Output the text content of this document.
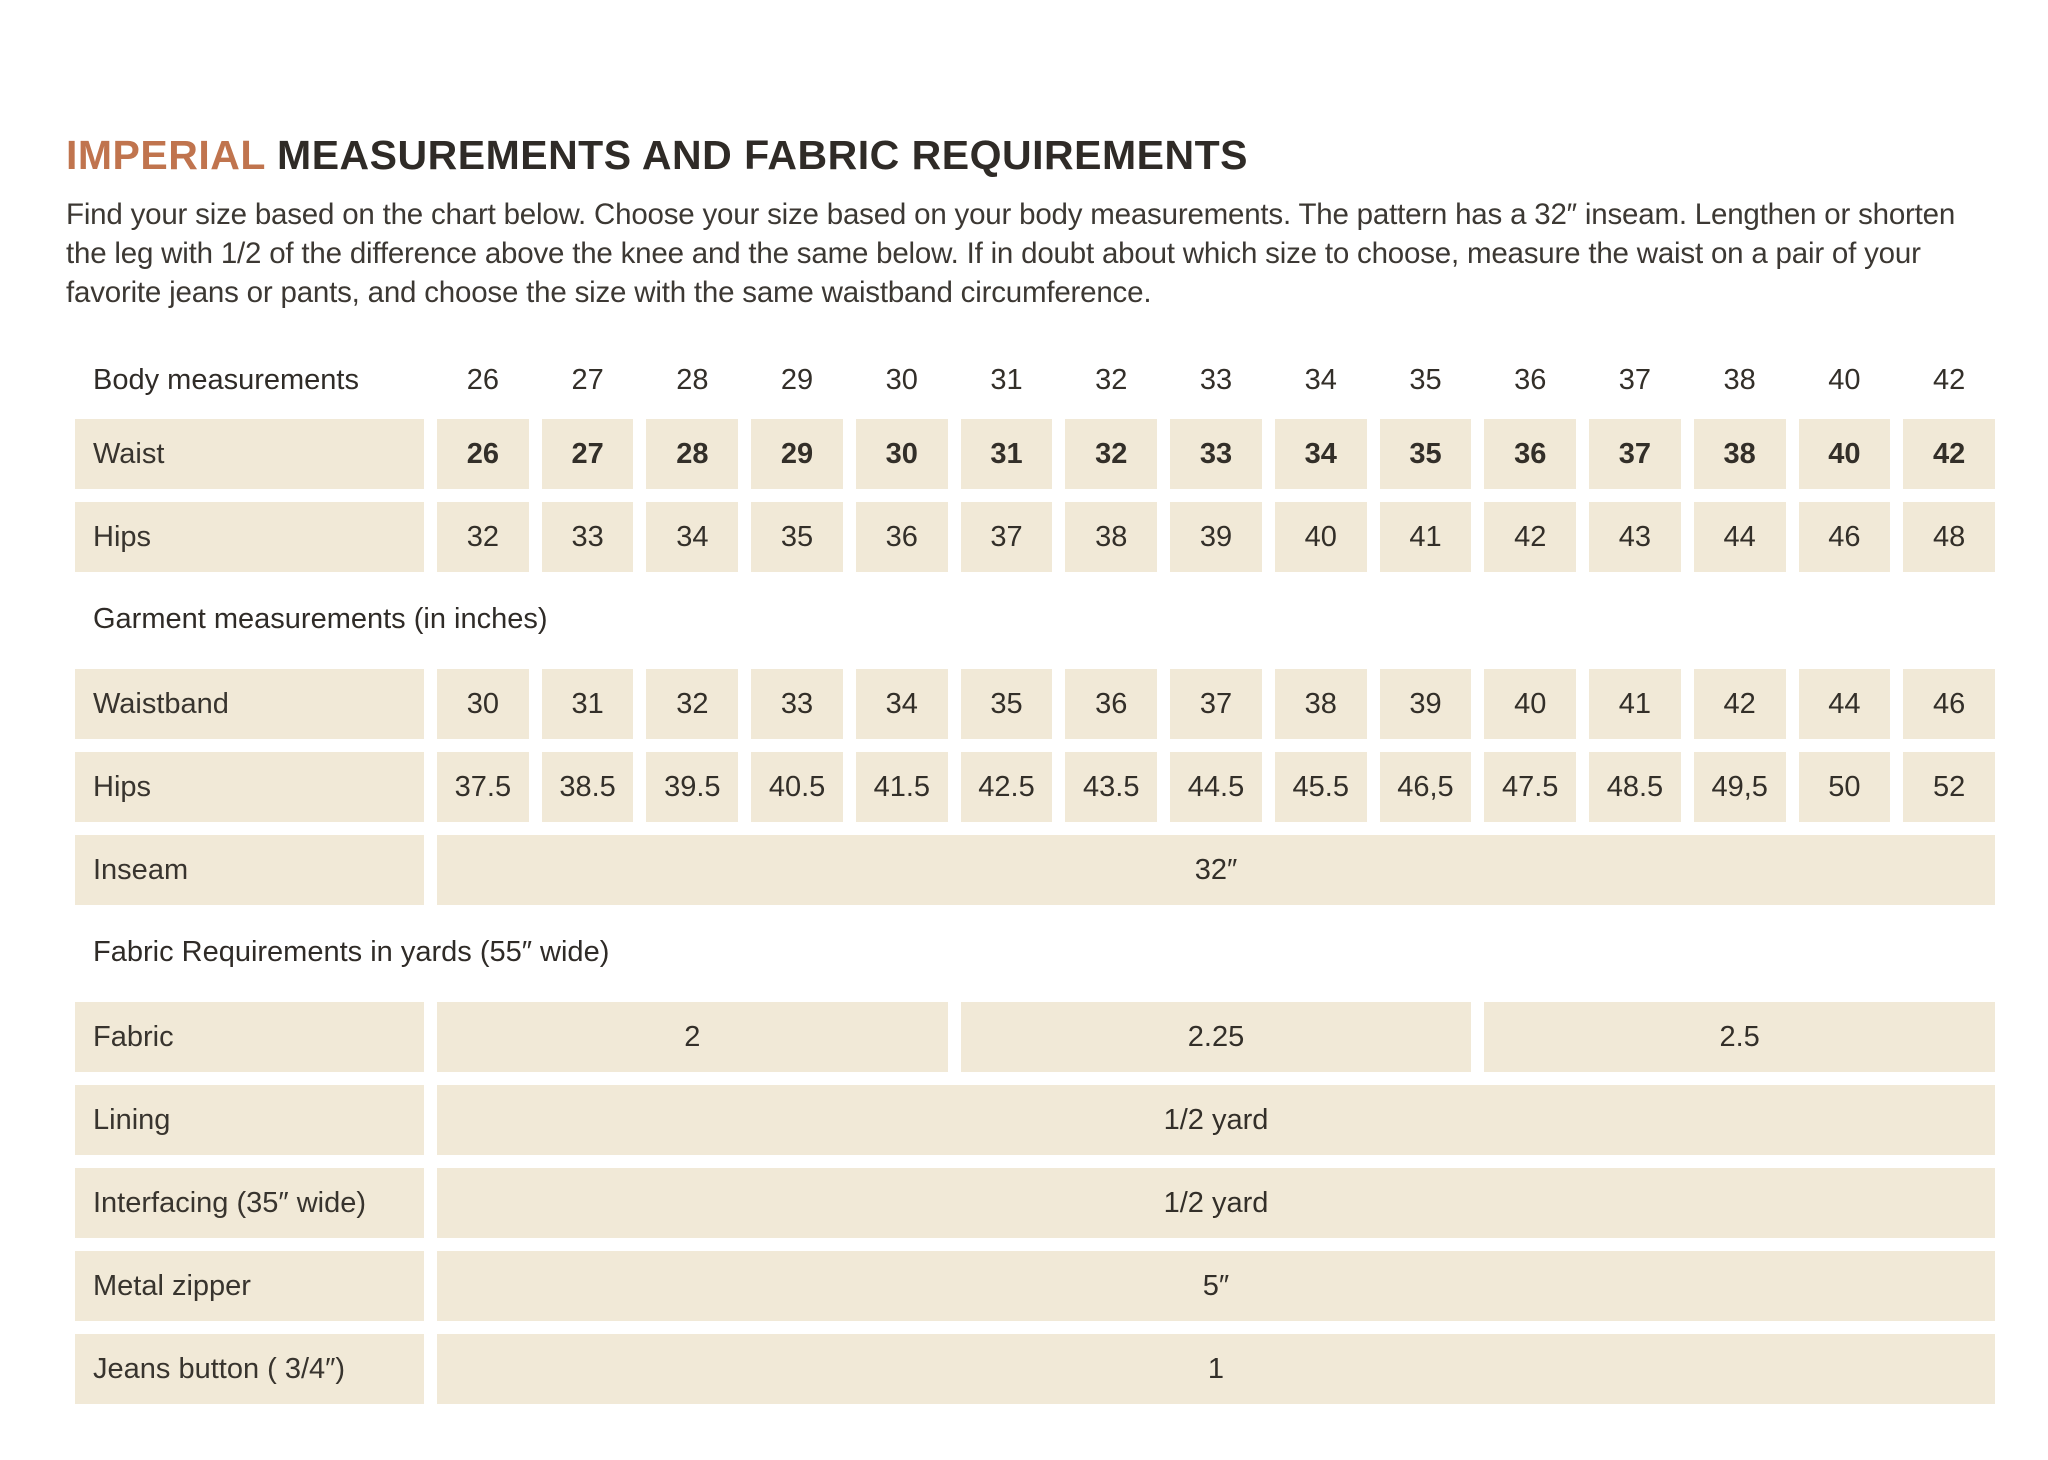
IMPERIAL MEASUREMENTS AND FABRIC REQUIREMENTS

Find your size based on the chart below. Choose your size based on your body measurements. The pattern has a 32″ inseam. Lengthen or shorten the leg with 1/2 of the difference above the knee and the same below. If in doubt about which size to choose, measure the waist on a pair of your favorite jeans or pants, and choose the size with the same waistband circumference.

Body measurements	26	27	28	29	30	31	32	33	34	35	36	37	38	40	42
Waist	26	27	28	29	30	31	32	33	34	35	36	37	38	40	42
Hips	32	33	34	35	36	37	38	39	40	41	42	43	44	46	48
Garment measurements (in inches)
Waistband	30	31	32	33	34	35	36	37	38	39	40	41	42	44	46
Hips	37.5	38.5	39.5	40.5	41.5	42.5	43.5	44.5	45.5	46,5	47.5	48.5	49,5	50	52
Inseam	32″
Fabric Requirements in yards (55″ wide)
Fabric	2	2.25	2.5
Lining	1/2 yard
Interfacing (35″ wide)	1/2 yard
Metal zipper	5″
Jeans button ( 3/4″)	1
